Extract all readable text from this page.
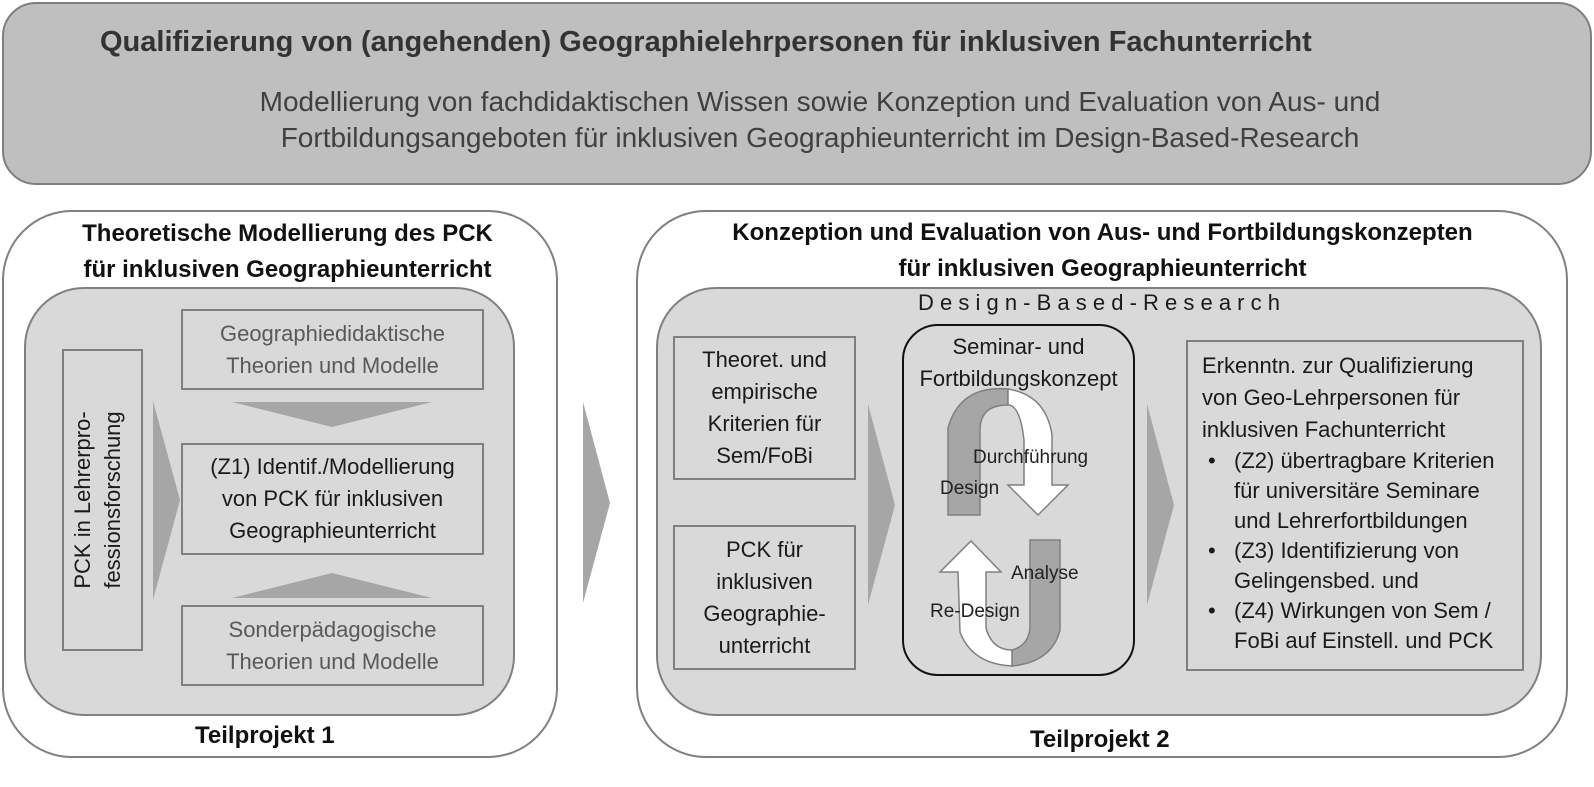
Qualifizierung von (angehenden) Geographielehrpersonen für inklusiven Fachunterricht
Modellierung von fachdidaktischen Wissen sowie Konzeption und Evaluation von Aus- und Fortbildungsangeboten für inklusiven Geographieunterricht im Design-Based-Research
Theoretische Modellierung des PCK
für inklusiven Geographieunterricht
PCK in Lehrerpro- fessionsforschung
Geographiedidaktische
Theorien und Modelle
(Z1) Identif./Modellierung
von PCK für inklusiven
Geographieunterricht
Sonderpädagogische
Theorien und Modelle
Teilprojekt 1
Konzeption und Evaluation von Aus- und Fortbildungskonzepten
für inklusiven Geographieunterricht
D e s i g n - B a s e d - R e s e a r c h
Theoret. und
empirische
Kriterien für
Sem/FoBi
PCK für
inklusiven
Geographie-
unterricht
Seminar- und
Fortbildungskonzept
Erkenntn. zur Qualifizierung
von Geo-Lehrpersonen für
inklusiven Fachunterricht
• (Z2) übertragbare Kriterien
für universitäre Seminare
und Lehrerfortbildungen
• (Z3) Identifizierung von
Gelingensbed. und
• (Z4) Wirkungen von Sem /
FoBi auf Einstell. und PCK
Teilprojekt 2
Durchführung
Design
Analyse
Re-Design
